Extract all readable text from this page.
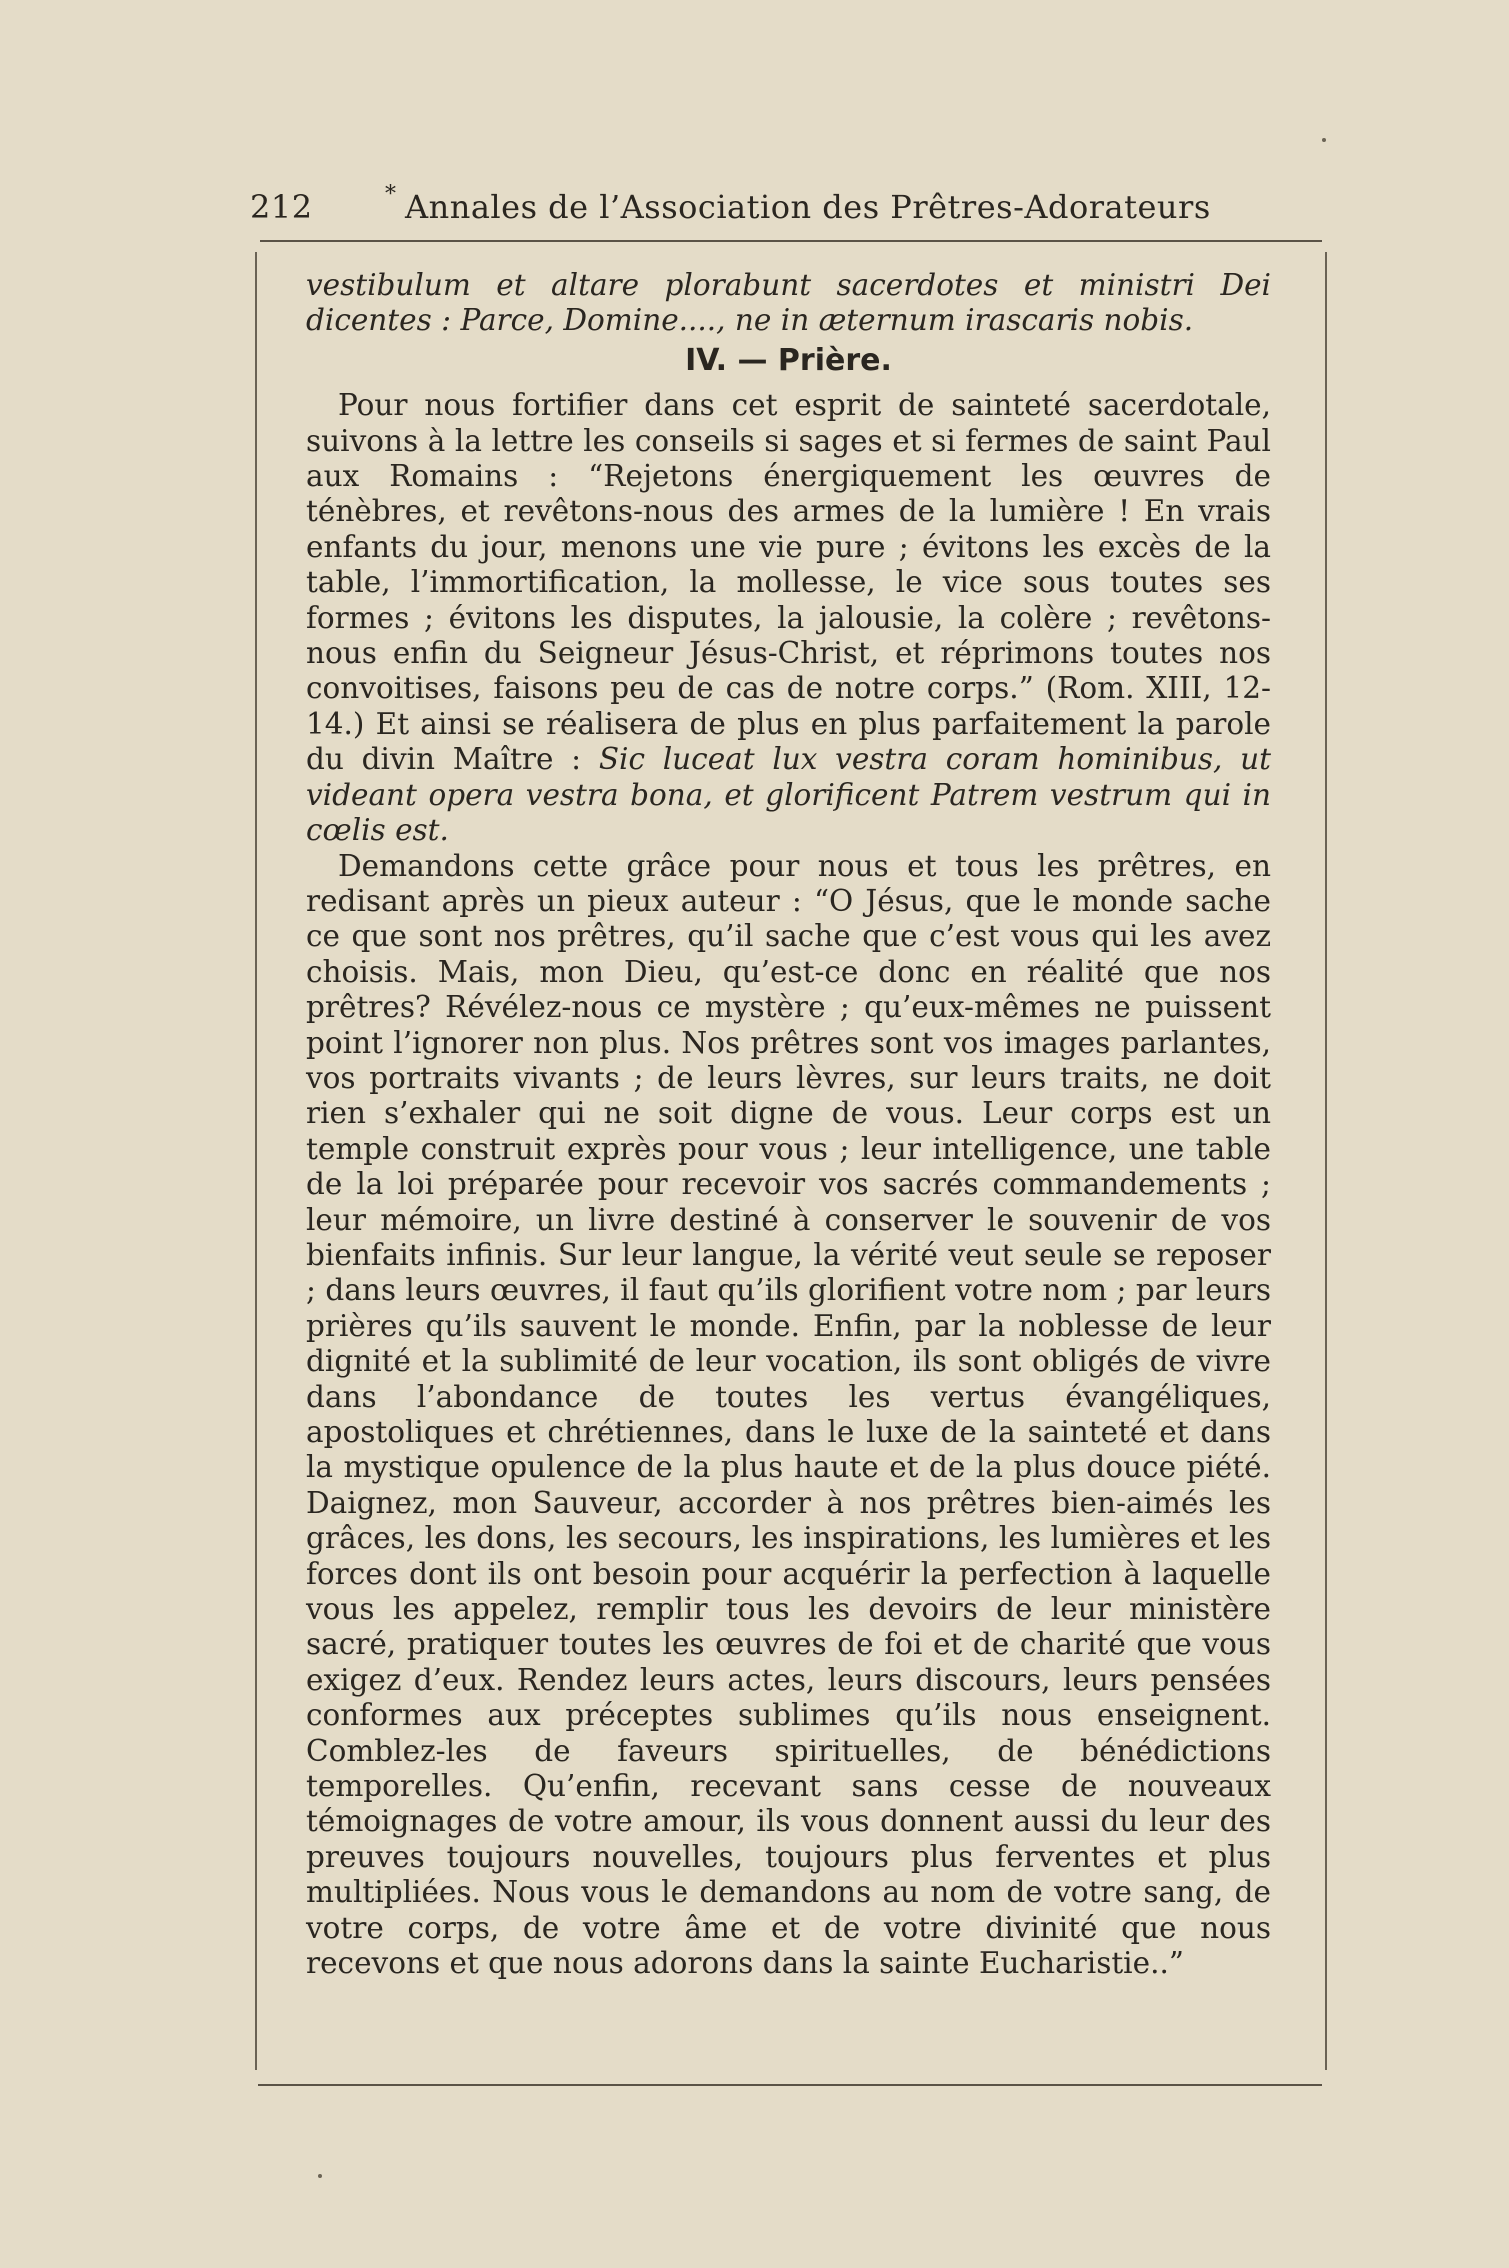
212	* Annales de l’Association des Prêtres-Adorateurs

vestibulum et altare plorabunt sacerdotes et ministri Dei dicentes : Parce, Domine...., ne in æternum irascaris nobis.

IV. — Prière.

Pour nous fortifier dans cet esprit de sainteté sacerdotale, suivons à la lettre les conseils si sages et si fermes de saint Paul aux Romains : “Rejetons énergiquement les œuvres de ténèbres, et revêtons-nous des armes de la lumière ! En vrais enfants du jour, menons une vie pure ; évitons les excès de la table, l’immortification, la mollesse, le vice sous toutes ses formes ; évitons les disputes, la jalousie, la colère ; revêtons-nous enfin du Seigneur Jésus-Christ, et réprimons toutes nos convoitises, faisons peu de cas de notre corps.” (Rom. XIII, 12-14.) Et ainsi se réalisera de plus en plus parfaitement la parole du divin Maître : Sic luceat lux vestra coram hominibus, ut videant opera vestra bona, et glorificent Patrem vestrum qui in cœlis est.

Demandons cette grâce pour nous et tous les prêtres, en redisant après un pieux auteur : “O Jésus, que le monde sache ce que sont nos prêtres, qu’il sache que c’est vous qui les avez choisis. Mais, mon Dieu, qu’est-ce donc en réalité que nos prêtres? Révélez-nous ce mystère ; qu’eux-mêmes ne puissent point l’ignorer non plus. Nos prêtres sont vos images parlantes, vos portraits vivants ; de leurs lèvres, sur leurs traits, ne doit rien s’exhaler qui ne soit digne de vous. Leur corps est un temple construit exprès pour vous ; leur intelligence, une table de la loi préparée pour recevoir vos sacrés commandements ; leur mémoire, un livre destiné à conserver le souvenir de vos bienfaits infinis. Sur leur langue, la vérité veut seule se reposer ; dans leurs œuvres, il faut qu’ils glorifient votre nom ; par leurs prières qu’ils sauvent le monde. Enfin, par la noblesse de leur dignité et la sublimité de leur vocation, ils sont obligés de vivre dans l’abondance de toutes les vertus évangéliques, apostoliques et chrétiennes, dans le luxe de la sainteté et dans la mystique opulence de la plus haute et de la plus douce piété. Daignez, mon Sauveur, accorder à nos prêtres bien-aimés les grâces, les dons, les secours, les inspirations, les lumières et les forces dont ils ont besoin pour acquérir la perfection à laquelle vous les appelez, remplir tous les devoirs de leur ministère sacré, pratiquer toutes les œuvres de foi et de charité que vous exigez d’eux. Rendez leurs actes, leurs discours, leurs pensées conformes aux préceptes sublimes qu’ils nous enseignent. Comblez-les de faveurs spirituelles, de bénédictions temporelles. Qu’enfin, recevant sans cesse de nouveaux témoignages de votre amour, ils vous donnent aussi du leur des preuves toujours nouvelles, toujours plus ferventes et plus multipliées. Nous vous le demandons au nom de votre sang, de votre corps, de votre âme et de votre divinité que nous recevons et que nous adorons dans la sainte Eucharistie..”
